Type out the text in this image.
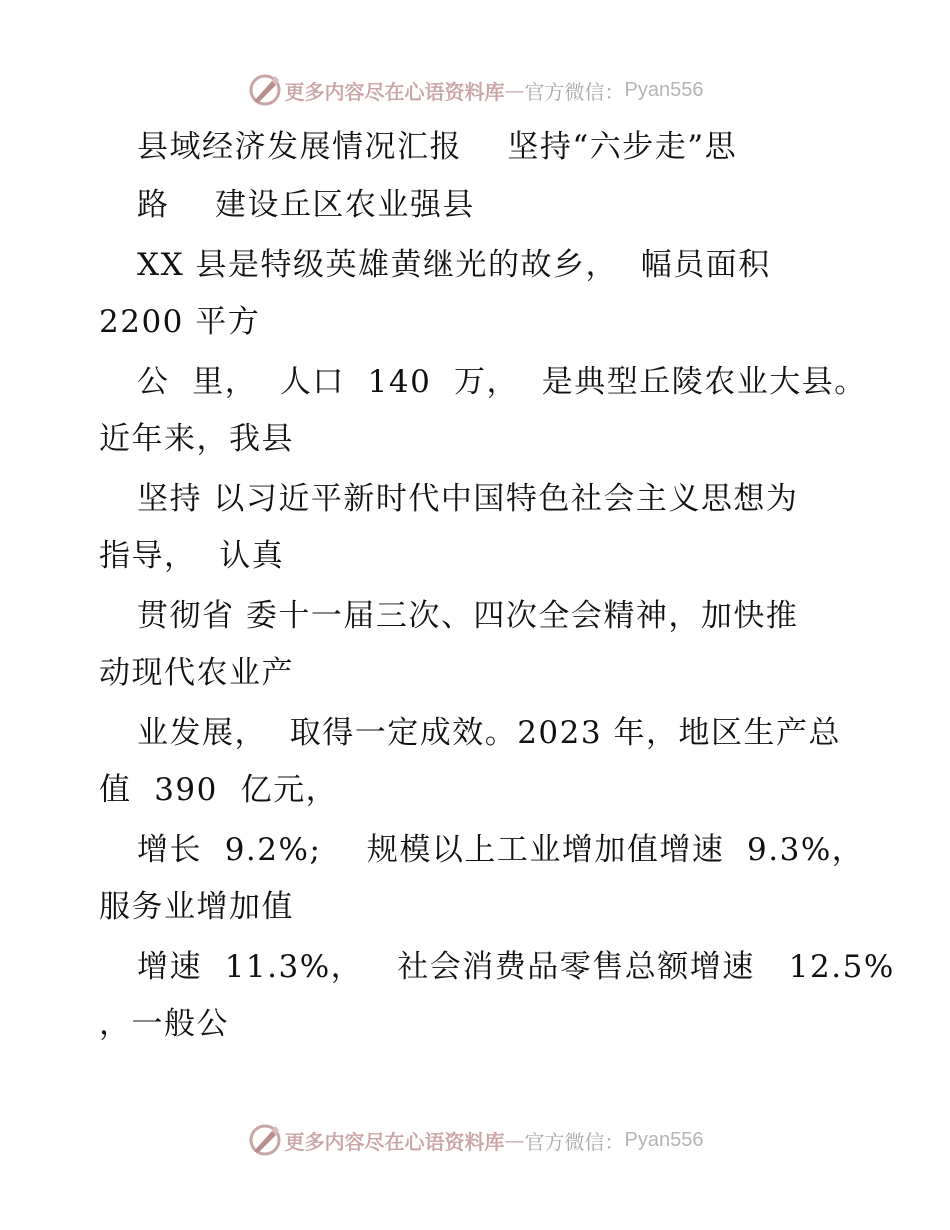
更多内容尽在心语资料库 — 官方微信： Pyan556
县域经济发展情况汇报    坚持“六步走”思
路    建设丘区农业强县
XX 县是特级英雄黄继光的故乡，  幅员面积
2200 平方
公  里，  人口  140  万，  是典型丘陵农业大县。
近年来，我县
坚持 以习近平新时代中国特色社会主义思想为
指导，  认真
贯彻省 委十一届三次、四次全会精神，加快推
动现代农业产
业发展，  取得一定成效。2023 年，地区生产总
值  390  亿元，
增长  9.2%;    规模以上工业增加值增速  9.3%，
服务业增加值
增速  11.3%，   社会消费品零售总额增速   12.5%
，一般公
更多内容尽在心语资料库 — 官方微信： Pyan556
